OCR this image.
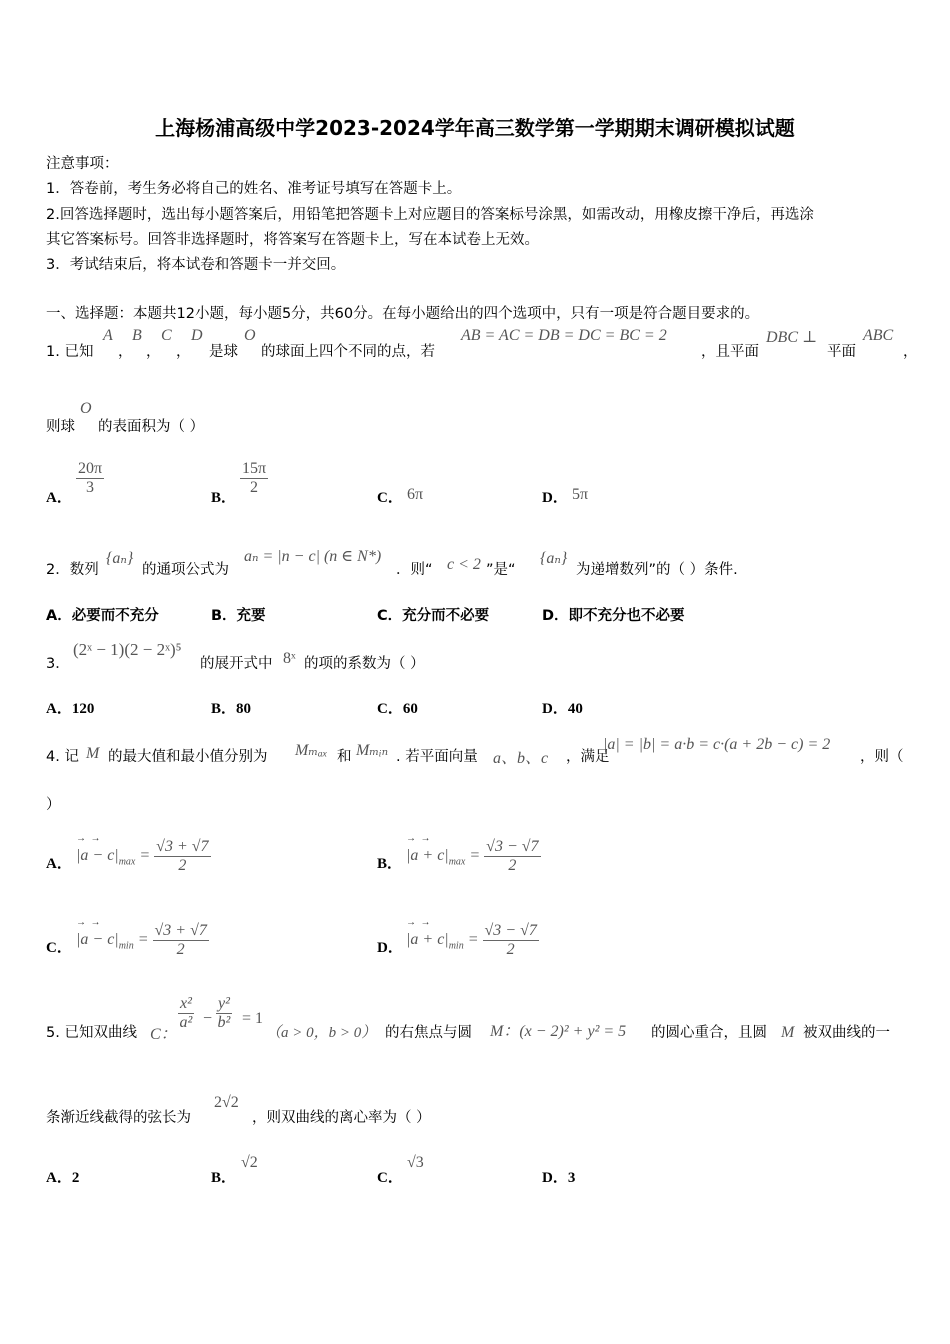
上海杨浦高级中学2023-2024学年高三数学第一学期期末调研模拟试题
注意事项：
1．答卷前，考生务必将自己的姓名、准考证号填写在答题卡上。
2.回答选择题时，选出每小题答案后，用铅笔把答题卡上对应题目的答案标号涂黑，如需改动，用橡皮擦干净后，再选涂
其它答案标号。回答非选择题时，将答案写在答题卡上，写在本试卷上无效。
3．考试结束后，将本试卷和答题卡一并交回。
一、选择题：本题共12小题，每小题5分，共60分。在每小题给出的四个选项中，只有一项是符合题目要求的。
1. 已知
A
，
B
，
C
，
D
是球
O
的球面上四个不同的点，若
AB = AC = DB = DC = BC = 2
，且平面
DBC ⊥
平面
ABC
，
则球
O
的表面积为（ ）
A．
$\frac{20\pi}{3}$
B．
$\frac{15\pi}{2}$
C． 6π	D． 5π
2．数列
{aₙ}
的通项公式为
aₙ = |n − c| (n ∈ N*)
．则“ c < 2 ”是“
{aₙ}
为递增数列”的（ ）条件.
A．必要而不充分	B．充要	C．充分而不必要	D．即不充分也不必要
3．
(2ˣ − 1)(2 − 2ˣ)⁵
的展开式中 8ˣ 的项的系数为（ ）
A．120	B．80	C．60	D．40
4. 记 M 的最大值和最小值分别为 Mₘₐₓ 和 Mₘᵢₙ . 若平面向量 a、b、c ，满足
|a| = |b| = a·b = c·(a + 2b − c) = 2
，则（
）
A．
→ →
$|a - c|_{max} = \frac{√3 + √7}{2}$	B．
→ →
$|a + c|_{max} = \frac{√3 - √7}{2}$
C．
→ →
$|a - c|_{min} = \frac{√3 + √7}{2}$	D．
→ →
$|a + c|_{min} = \frac{√3 - √7}{2}$
5. 已知双曲线 C：
$\frac{\text{x²}}{\text{a²}} - \frac{\text{y²}}{\text{b²}} = 1$
（a > 0，b > 0） 的右焦点与圆 M：(x − 2)² + y² = 5 的圆心重合，且圆 M 被双曲线的一
条渐近线截得的弦长为
2√2
，则双曲线的离心率为（ ）
A．2	B．
√2
C．
√3
D．3
